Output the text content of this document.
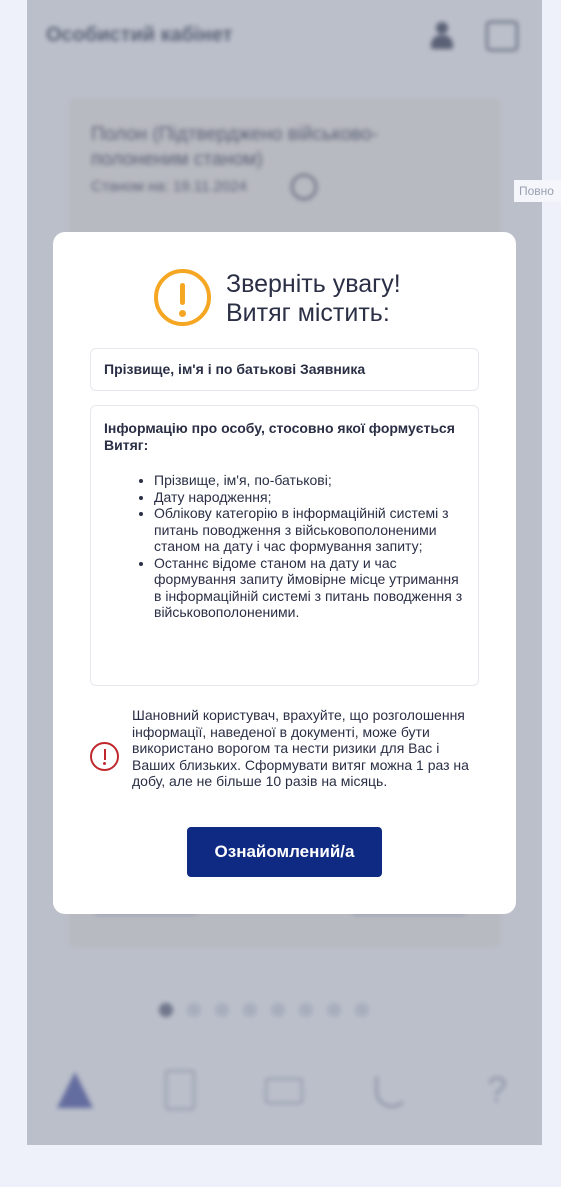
Повно
Зверніть увагу!
Витяг містить:
Прізвище, ім'я і по батькові Заявника
Інформацію про особу, стосовно якої формується Витяг:
• Прізвище, ім'я, по-батькові;
• Дату народження;
• Облікову категорію в інформаційній системі з питань поводження з військовополоненими станом на дату і час формування запиту;
• Останнє відоме станом на дату и час формування запиту ймовірне місце утримання в інформаційній системі з питань поводження з військовополоненими.
Шановний користувач, врахуйте, що розголошення інформації, наведеної в документі, може бути використано ворогом та нести ризики для Вас і Ваших близьких. Сформувати витяг можна 1 раз на добу, але не більше 10 разів на місяць.
Ознайомлений/а
